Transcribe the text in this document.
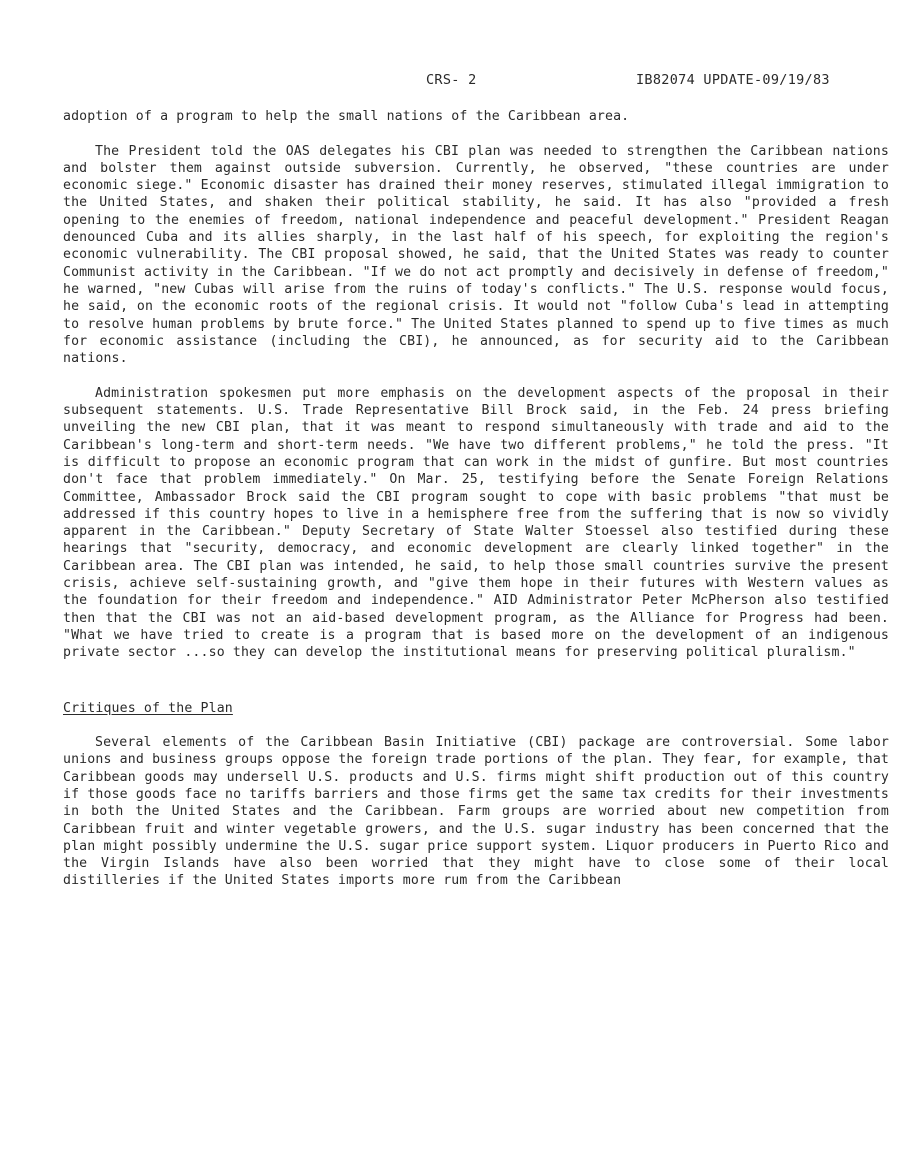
CRS- 2	IB82074 UPDATE-09/19/83

adoption of a program to help the small nations of the Caribbean area.

The President told the OAS delegates his CBI plan was needed to strengthen the Caribbean nations and bolster them against outside subversion. Currently, he observed, "these countries are under economic siege." Economic disaster has drained their money reserves, stimulated illegal immigration to the United States, and shaken their political stability, he said. It has also "provided a fresh opening to the enemies of freedom, national independence and peaceful development." President Reagan denounced Cuba and its allies sharply, in the last half of his speech, for exploiting the region's economic vulnerability. The CBI proposal showed, he said, that the United States was ready to counter Communist activity in the Caribbean. "If we do not act promptly and decisively in defense of freedom," he warned, "new Cubas will arise from the ruins of today's conflicts." The U.S. response would focus, he said, on the economic roots of the regional crisis. It would not "follow Cuba's lead in attempting to resolve human problems by brute force." The United States planned to spend up to five times as much for economic assistance (including the CBI), he announced, as for security aid to the Caribbean nations.

Administration spokesmen put more emphasis on the development aspects of the proposal in their subsequent statements. U.S. Trade Representative Bill Brock said, in the Feb. 24 press briefing unveiling the new CBI plan, that it was meant to respond simultaneously with trade and aid to the Caribbean's long-term and short-term needs. "We have two different problems," he told the press. "It is difficult to propose an economic program that can work in the midst of gunfire. But most countries don't face that problem immediately." On Mar. 25, testifying before the Senate Foreign Relations Committee, Ambassador Brock said the CBI program sought to cope with basic problems "that must be addressed if this country hopes to live in a hemisphere free from the suffering that is now so vividly apparent in the Caribbean." Deputy Secretary of State Walter Stoessel also testified during these hearings that "security, democracy, and economic development are clearly linked together" in the Caribbean area. The CBI plan was intended, he said, to help those small countries survive the present crisis, achieve self-sustaining growth, and "give them hope in their futures with Western values as the foundation for their freedom and independence." AID Administrator Peter McPherson also testified then that the CBI was not an aid-based development program, as the Alliance for Progress had been. "What we have tried to create is a program that is based more on the development of an indigenous private sector ...so they can develop the institutional means for preserving political pluralism."

Critiques of the Plan

Several elements of the Caribbean Basin Initiative (CBI) package are controversial. Some labor unions and business groups oppose the foreign trade portions of the plan. They fear, for example, that Caribbean goods may undersell U.S. products and U.S. firms might shift production out of this country if those goods face no tariffs barriers and those firms get the same tax credits for their investments in both the United States and the Caribbean. Farm groups are worried about new competition from Caribbean fruit and winter vegetable growers, and the U.S. sugar industry has been concerned that the plan might possibly undermine the U.S. sugar price support system. Liquor producers in Puerto Rico and the Virgin Islands have also been worried that they might have to close some of their local distilleries if the United States imports more rum from the Caribbean
